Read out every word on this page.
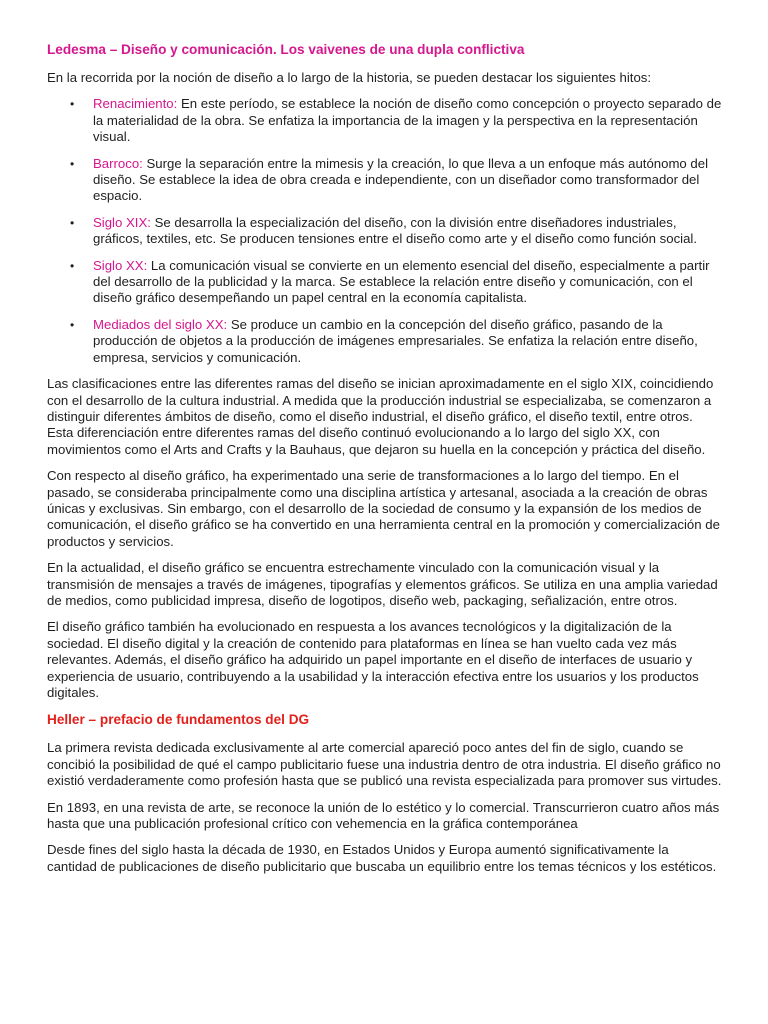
Ledesma – Diseño y comunicación. Los vaivenes de una dupla conflictiva

En la recorrida por la noción de diseño a lo largo de la historia, se pueden destacar los siguientes hitos:

• Renacimiento: En este período, se establece la noción de diseño como concepción o proyecto separado de la materialidad de la obra. Se enfatiza la importancia de la imagen y la perspectiva en la representación visual.
• Barroco: Surge la separación entre la mimesis y la creación, lo que lleva a un enfoque más autónomo del diseño. Se establece la idea de obra creada e independiente, con un diseñador como transformador del espacio.
• Siglo XIX: Se desarrolla la especialización del diseño, con la división entre diseñadores industriales, gráficos, textiles, etc. Se producen tensiones entre el diseño como arte y el diseño como función social.
• Siglo XX: La comunicación visual se convierte en un elemento esencial del diseño, especialmente a partir del desarrollo de la publicidad y la marca. Se establece la relación entre diseño y comunicación, con el diseño gráfico desempeñando un papel central en la economía capitalista.
• Mediados del siglo XX: Se produce un cambio en la concepción del diseño gráfico, pasando de la producción de objetos a la producción de imágenes empresariales. Se enfatiza la relación entre diseño, empresa, servicios y comunicación.

Las clasificaciones entre las diferentes ramas del diseño se inician aproximadamente en el siglo XIX, coincidiendo con el desarrollo de la cultura industrial. A medida que la producción industrial se especializaba, se comenzaron a distinguir diferentes ámbitos de diseño, como el diseño industrial, el diseño gráfico, el diseño textil, entre otros. Esta diferenciación entre diferentes ramas del diseño continuó evolucionando a lo largo del siglo XX, con movimientos como el Arts and Crafts y la Bauhaus, que dejaron su huella en la concepción y práctica del diseño.

Con respecto al diseño gráfico, ha experimentado una serie de transformaciones a lo largo del tiempo. En el pasado, se consideraba principalmente como una disciplina artística y artesanal, asociada a la creación de obras únicas y exclusivas. Sin embargo, con el desarrollo de la sociedad de consumo y la expansión de los medios de comunicación, el diseño gráfico se ha convertido en una herramienta central en la promoción y comercialización de productos y servicios.

En la actualidad, el diseño gráfico se encuentra estrechamente vinculado con la comunicación visual y la transmisión de mensajes a través de imágenes, tipografías y elementos gráficos. Se utiliza en una amplia variedad de medios, como publicidad impresa, diseño de logotipos, diseño web, packaging, señalización, entre otros.

El diseño gráfico también ha evolucionado en respuesta a los avances tecnológicos y la digitalización de la sociedad. El diseño digital y la creación de contenido para plataformas en línea se han vuelto cada vez más relevantes. Además, el diseño gráfico ha adquirido un papel importante en el diseño de interfaces de usuario y experiencia de usuario, contribuyendo a la usabilidad y la interacción efectiva entre los usuarios y los productos digitales.

Heller – prefacio de fundamentos del DG

La primera revista dedicada exclusivamente al arte comercial apareció poco antes del fin de siglo, cuando se concibió la posibilidad de qué el campo publicitario fuese una industria dentro de otra industria. El diseño gráfico no existió verdaderamente como profesión hasta que se publicó una revista especializada para promover sus virtudes.

En 1893, en una revista de arte, se reconoce la unión de lo estético y lo comercial. Transcurrieron cuatro años más hasta que una publicación profesional crítico con vehemencia en la gráfica contemporánea

Desde fines del siglo hasta la década de 1930, en Estados Unidos y Europa aumentó significativamente la cantidad de publicaciones de diseño publicitario que buscaba un equilibrio entre los temas técnicos y los estéticos.
